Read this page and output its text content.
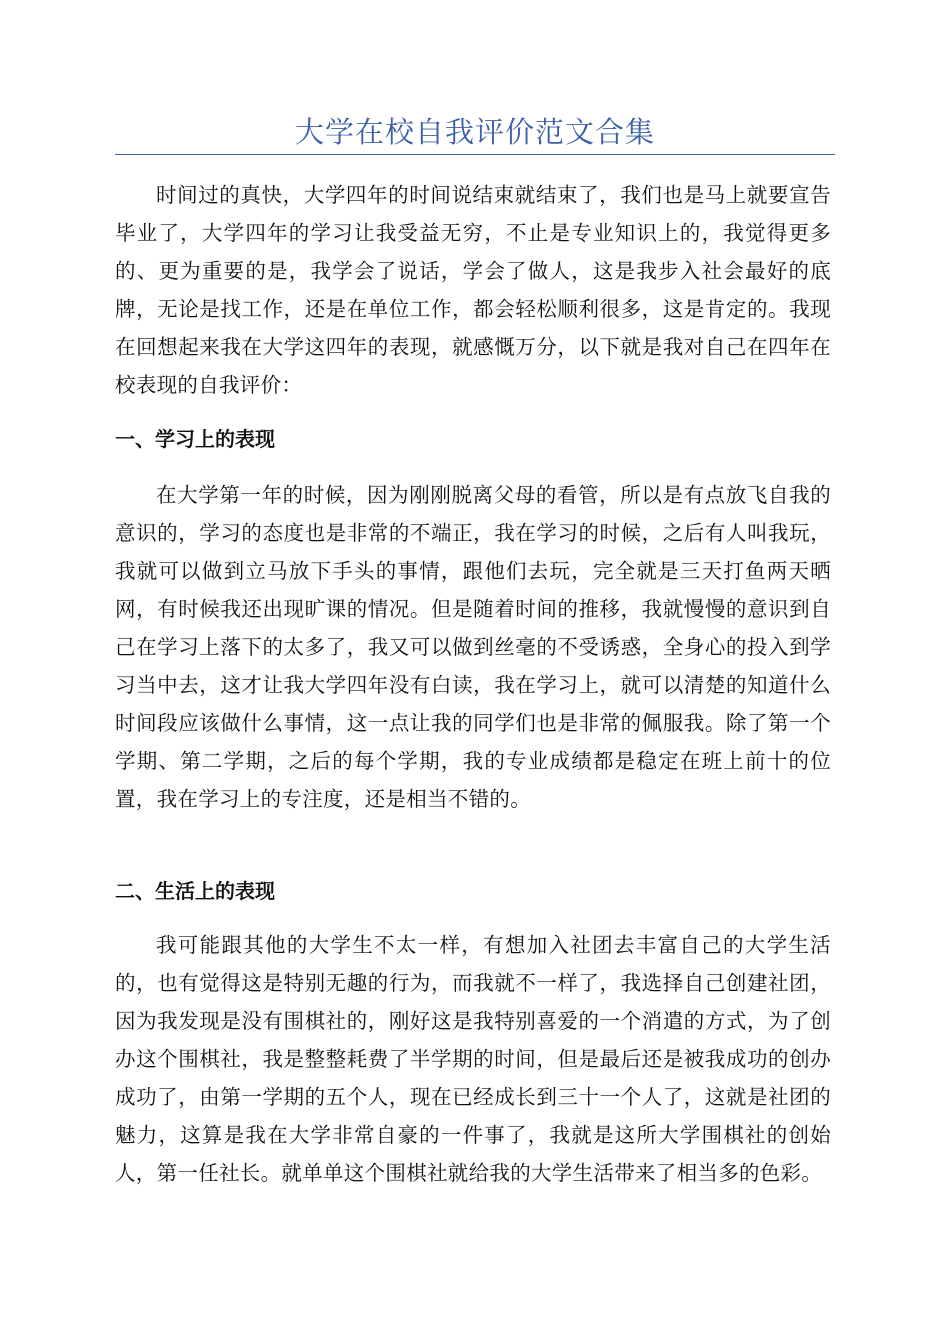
大学在校自我评价范文合集

时间过的真快，大学四年的时间说结束就结束了，我们也是马上就要宣告毕业了，大学四年的学习让我受益无穷，不止是专业知识上的，我觉得更多的、更为重要的是，我学会了说话，学会了做人，这是我步入社会最好的底牌，无论是找工作，还是在单位工作，都会轻松顺利很多，这是肯定的。我现在回想起来我在大学这四年的表现，就感慨万分，以下就是我对自己在四年在校表现的自我评价：

一、学习上的表现

在大学第一年的时候，因为刚刚脱离父母的看管，所以是有点放飞自我的意识的，学习的态度也是非常的不端正，我在学习的时候，之后有人叫我玩，我就可以做到立马放下手头的事情，跟他们去玩，完全就是三天打鱼两天晒网，有时候我还出现旷课的情况。但是随着时间的推移，我就慢慢的意识到自己在学习上落下的太多了，我又可以做到丝毫的不受诱惑，全身心的投入到学习当中去，这才让我大学四年没有白读，我在学习上，就可以清楚的知道什么时间段应该做什么事情，这一点让我的同学们也是非常的佩服我。除了第一个学期、第二学期，之后的每个学期，我的专业成绩都是稳定在班上前十的位置，我在学习上的专注度，还是相当不错的。

二、生活上的表现

我可能跟其他的大学生不太一样，有想加入社团去丰富自己的大学生活的，也有觉得这是特别无趣的行为，而我就不一样了，我选择自己创建社团，因为我发现是没有围棋社的，刚好这是我特别喜爱的一个消遣的方式，为了创办这个围棋社，我是整整耗费了半学期的时间，但是最后还是被我成功的创办成功了，由第一学期的五个人，现在已经成长到三十一个人了，这就是社团的魅力，这算是我在大学非常自豪的一件事了，我就是这所大学围棋社的创始人，第一任社长。就单单这个围棋社就给我的大学生活带来了相当多的色彩。
